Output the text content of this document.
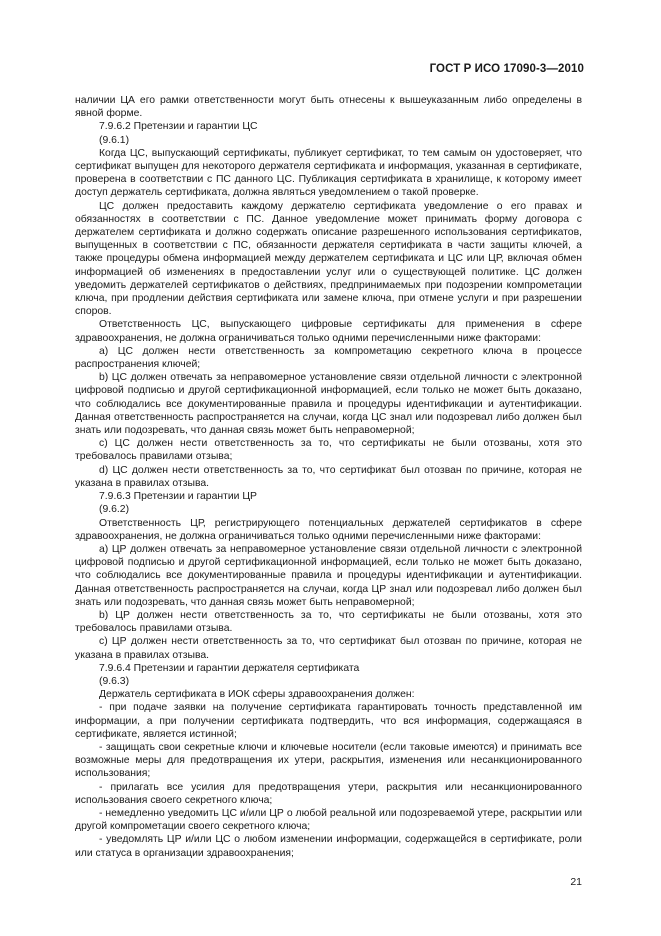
ГОСТ Р ИСО 17090-3—2010

наличии ЦА его рамки ответственности могут быть отнесены к вышеуказанным либо определены в явной форме.

7.9.6.2 Претензии и гарантии ЦС

(9.6.1)

Когда ЦС, выпускающий сертификаты, публикует сертификат, то тем самым он удостоверяет, что сертификат выпущен для некоторого держателя сертификата и информация, указанная в сертификате, проверена в соответствии с ПС данного ЦС. Публикация сертификата в хранилище, к которому имеет доступ держатель сертификата, должна являться уведомлением о такой проверке.

ЦС должен предоставить каждому держателю сертификата уведомление о его правах и обязанностях в соответствии с ПС. Данное уведомление может принимать форму договора с держателем сертификата и должно содержать описание разрешенного использования сертификатов, выпущенных в соответствии с ПС, обязанности держателя сертификата в части защиты ключей, а также процедуры обмена информацией между держателем сертификата и ЦС или ЦР, включая обмен информацией об изменениях в предоставлении услуг или о существующей политике. ЦС должен уведомить держателей сертификатов о действиях, предпринимаемых при подозрении компрометации ключа, при продлении действия сертификата или замене ключа, при отмене услуги и при разрешении споров.

Ответственность ЦС, выпускающего цифровые сертификаты для применения в сфере здравоохранения, не должна ограничиваться только одними перечисленными ниже факторами:

a) ЦС должен нести ответственность за компрометацию секретного ключа в процессе распространения ключей;

b) ЦС должен отвечать за неправомерное установление связи отдельной личности с электронной цифровой подписью и другой сертификационной информацией, если только не может быть доказано, что соблюдались все документированные правила и процедуры идентификации и аутентификации. Данная ответственность распространяется на случаи, когда ЦС знал или подозревал либо должен был знать или подозревать, что данная связь может быть неправомерной;

c) ЦС должен нести ответственность за то, что сертификаты не были отозваны, хотя это требовалось правилами отзыва;

d) ЦС должен нести ответственность за то, что сертификат был отозван по причине, которая не указана в правилах отзыва.

7.9.6.3 Претензии и гарантии ЦР

(9.6.2)

Ответственность ЦР, регистрирующего потенциальных держателей сертификатов в сфере здравоохранения, не должна ограничиваться только одними перечисленными ниже факторами:

a) ЦР должен отвечать за неправомерное установление связи отдельной личности с электронной цифровой подписью и другой сертификационной информацией, если только не может быть доказано, что соблюдались все документированные правила и процедуры идентификации и аутентификации. Данная ответственность распространяется на случаи, когда ЦР знал или подозревал либо должен был знать или подозревать, что данная связь может быть неправомерной;

b) ЦР должен нести ответственность за то, что сертификаты не были отозваны, хотя это требовалось правилами отзыва.

c) ЦР должен нести ответственность за то, что сертификат был отозван по причине, которая не указана в правилах отзыва.

7.9.6.4 Претензии и гарантии держателя сертификата

(9.6.3)

Держатель сертификата в ИОК сферы здравоохранения должен:

- при подаче заявки на получение сертификата гарантировать точность представленной им информации, а при получении сертификата подтвердить, что вся информация, содержащаяся в сертификате, является истинной;

- защищать свои секретные ключи и ключевые носители (если таковые имеются) и принимать все возможные меры для предотвращения их утери, раскрытия, изменения или несанкционированного использования;

- прилагать все усилия для предотвращения утери, раскрытия или несанкционированного использования своего секретного ключа;

- немедленно уведомить ЦС и/или ЦР о любой реальной или подозреваемой утере, раскрытии или другой компрометации своего секретного ключа;

- уведомлять ЦР и/или ЦС о любом изменении информации, содержащейся в сертификате, роли или статуса в организации здравоохранения;

21
